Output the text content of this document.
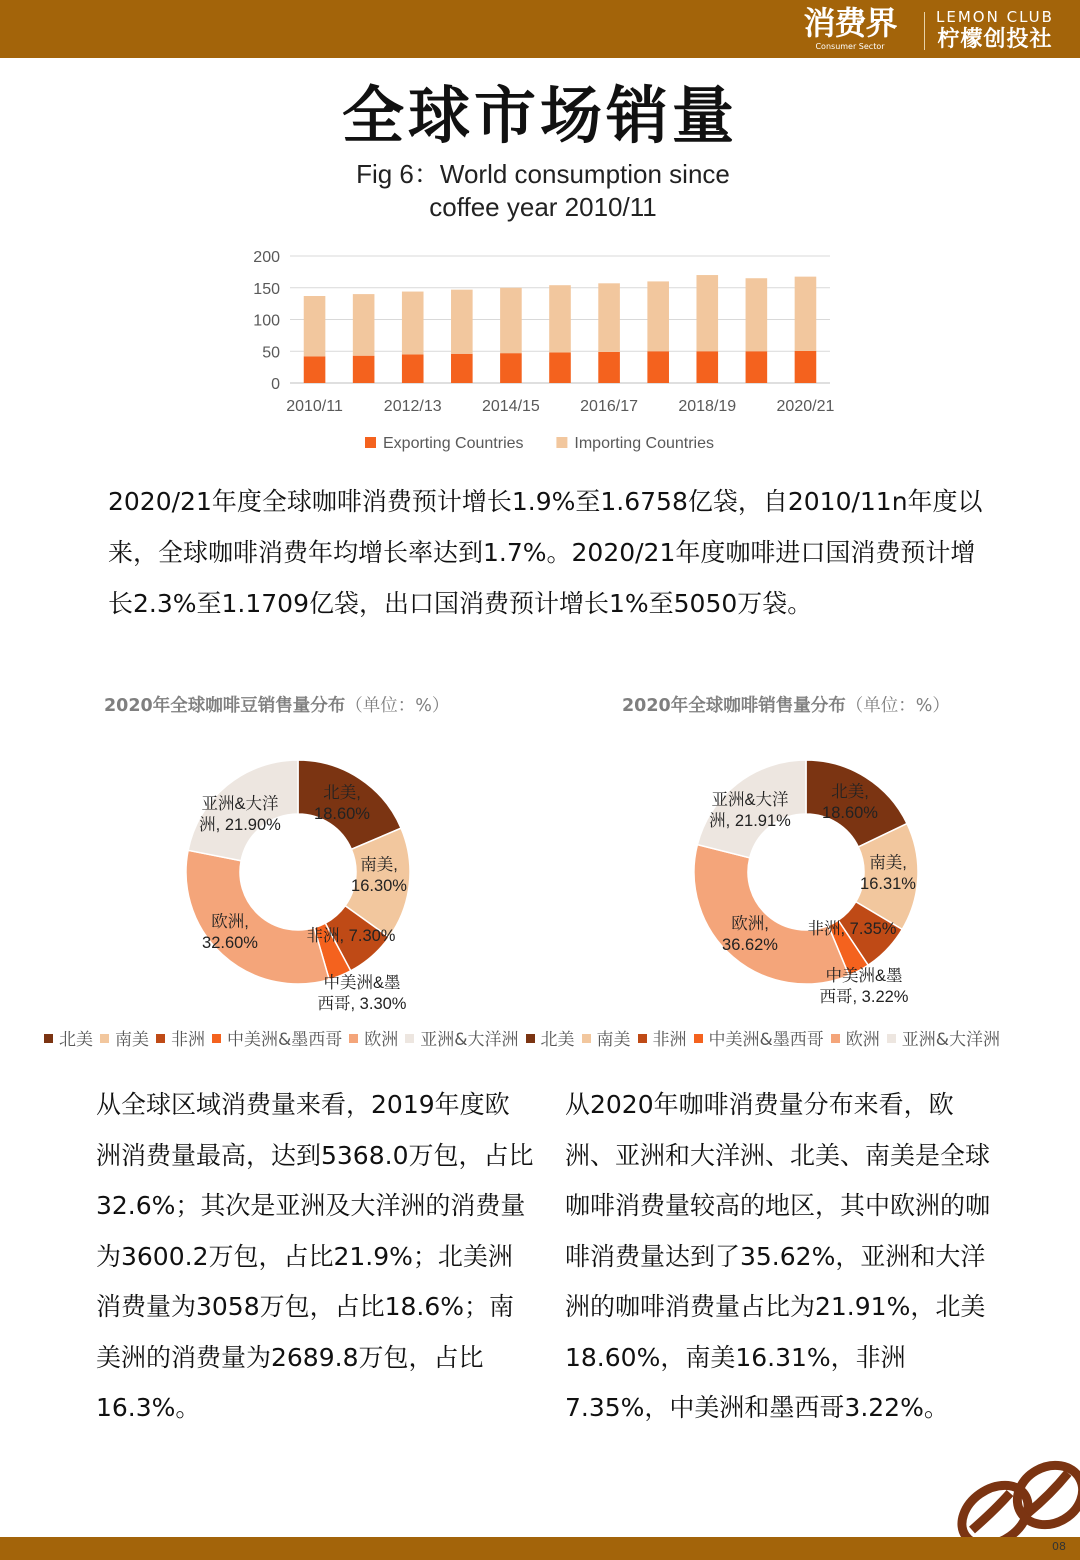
消费界
Consumer Sector
LEMON CLUB
柠檬创投社
全球市场销量
Fig 6：World consumption since
coffee year 2010/11
200
150
100
50
0
2010/11	2012/13	2014/15	2016/17	2018/19	2020/21
Exporting Countries	Importing Countries
2020/21年度全球咖啡消费预计增长1.9%至1.6758亿袋，自2010/11n年度以来，全球咖啡消费年均增长率达到1.7%。2020/21年度咖啡进口国消费预计增长2.3%至1.1709亿袋，出口国消费预计增长1%至5050万袋。
2020年全球咖啡豆销售量分布（单位：%）	2020年全球咖啡销售量分布（单位：%）
北美,
18.60%
南美,
16.30%
非洲, 7.30%
中美洲&墨
西哥, 3.30%
欧洲,
32.60%
亚洲&大洋
洲, 21.90%
北美,
18.60%
南美,
16.31%
非洲, 7.35%
中美洲&墨
西哥, 3.22%
欧洲,
36.62%
亚洲&大洋
洲, 21.91%
北美 南美 非洲 中美洲&墨西哥 欧洲 亚洲&大洋洲 北美 南美 非洲 中美洲&墨西哥 欧洲 亚洲&大洋洲
从全球区域消费量来看，2019年度欧洲消费量最高，达到5368.0万包，占比32.6%；其次是亚洲及大洋洲的消费量为3600.2万包，占比21.9%；北美洲消费量为3058万包，占比18.6%；南美洲的消费量为2689.8万包，占比16.3%。
从2020年咖啡消费量分布来看，欧洲、亚洲和大洋洲、北美、南美是全球咖啡消费量较高的地区，其中欧洲的咖啡消费量达到了35.62%，亚洲和大洋洲的咖啡消费量占比为21.91%，北美18.60%，南美16.31%，非洲7.35%，中美洲和墨西哥3.22%。
08
